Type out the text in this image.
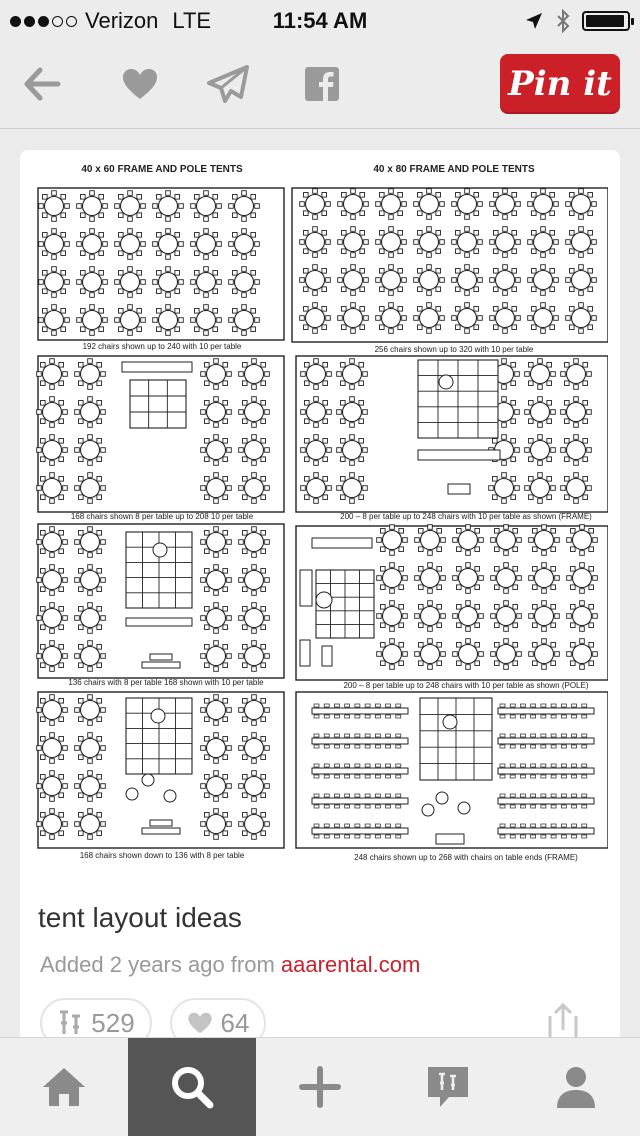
Verizon LTE	11:54 AM
Pin it
40 x 60 FRAME AND POLE TENTS	40 x 80 FRAME AND POLE TENTS
192 chairs shown up to 240 with 10 per table	256 chairs shown up to 320 with 10 per table
168 chairs shown 8 per table up to 208 10 per table	200 – 8 per table up to 248 chairs with 10 per table as shown (FRAME)
136 chairs with 8 per table 168 shown with 10 per table	200 – 8 per table up to 248 chairs with 10 per table as shown (POLE)
168 chairs shown down to 136 with 8 per table	248 chairs shown up to 268 with chairs on table ends (FRAME)
tent layout ideas
Added 2 years ago from aaarental.com
529	64
